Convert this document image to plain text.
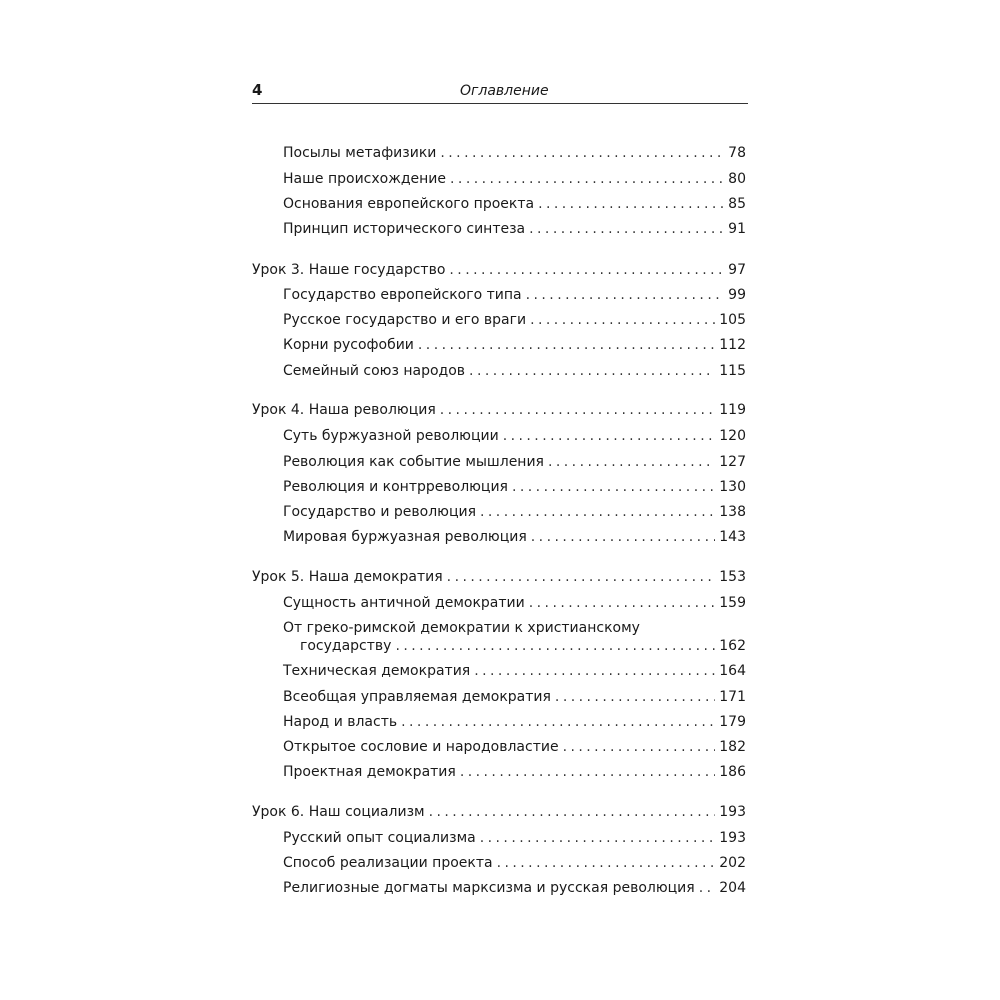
4	Оглавление
Посылы метафизики . . .	78
Наше происхождение . . .	80
Основания европейского проекта . . .	85
Принцип исторического синтеза . . .	91
Урок 3. Наше государство . . .	97
Государство европейского типа . . .	99
Русское государство и его враги . . .	105
Корни русофобии . . .	112
Семейный союз народов . . .	115
Урок 4. Наша революция . . .	119
Суть буржуазной революции . . .	120
Революция как событие мышления . . .	127
Революция и контрреволюция . . .	130
Государство и революция . . .	138
Мировая буржуазная революция . . .	143
Урок 5. Наша демократия . . .	153
Сущность античной демократии . . .	159
От греко-римской демократии к христианскому
государству . . .	162
Техническая демократия . . .	164
Всеобщая управляемая демократия . . .	171
Народ и власть . . .	179
Открытое сословие и народовластие . . .	182
Проектная демократия . . .	186
Урок 6. Наш социализм . . .	193
Русский опыт социализма . . .	193
Способ реализации проекта . . .	202
Религиозные догматы марксизма и русская революция . . . 204
